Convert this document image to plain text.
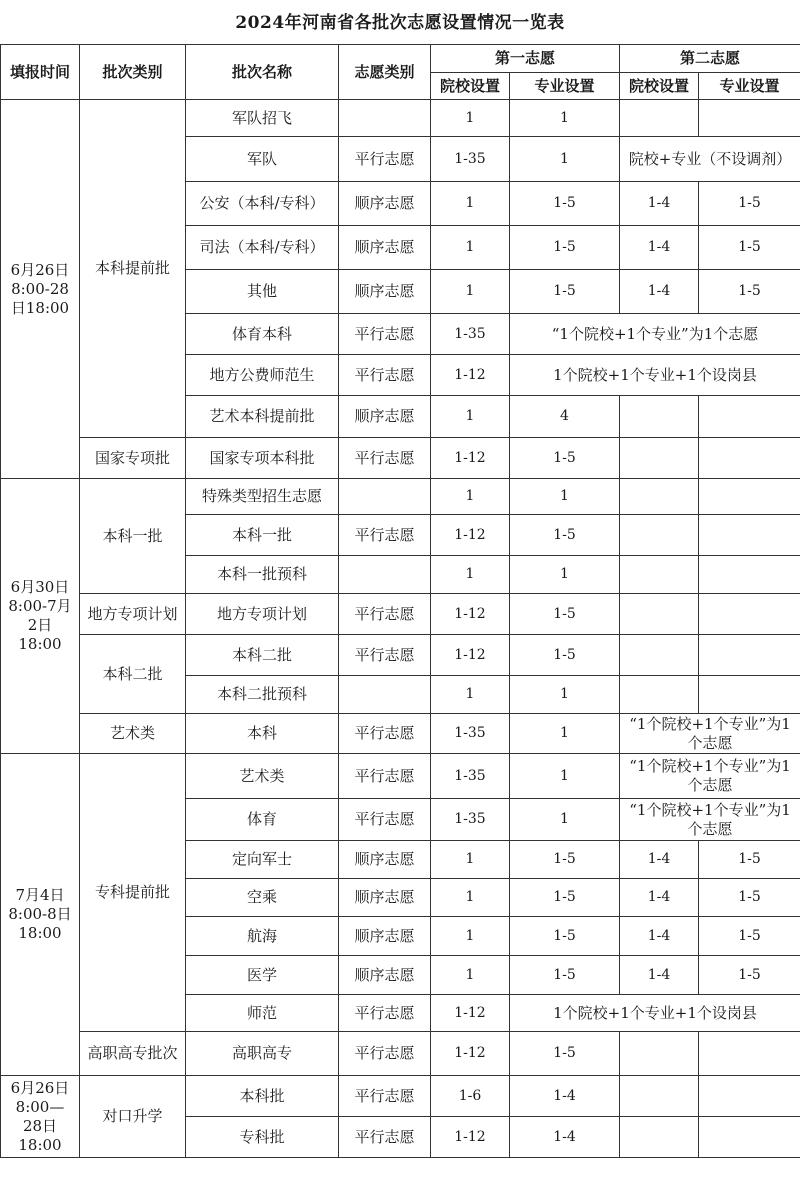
2024年河南省各批次志愿设置情况一览表
填报时间	批次类别	批次名称	志愿类别	第一志愿		第二志愿	
				院校设置	专业设置	院校设置	专业设置
6月26日8:00-28日18:00	本科提前批	军队招飞		1	1		
		军队	平行志愿	1-35	1	院校+专业（不设调剂）	
		公安（本科/专科）	顺序志愿	1	1-5	1-4	1-5
		司法（本科/专科）	顺序志愿	1	1-5	1-4	1-5
		其他	顺序志愿	1	1-5	1-4	1-5
		体育本科	平行志愿	1-35	“1个院校+1个专业”为1个志愿		
		地方公费师范生	平行志愿	1-12	1个院校+1个专业+1个设岗县		
		艺术本科提前批	顺序志愿	1	4		
	国家专项批	国家专项本科批	平行志愿	1-12	1-5		
6月30日8:00-7月2日18:00	本科一批	特殊类型招生志愿		1	1		
		本科一批	平行志愿	1-12	1-5		
		本科一批预科		1	1		
	地方专项计划	地方专项计划	平行志愿	1-12	1-5		
	本科二批	本科二批	平行志愿	1-12	1-5		
		本科二批预科		1	1		
	艺术类	本科	平行志愿	1-35	1	“1个院校+1个专业”为1个志愿	
7月4日8:00-8日18:00	专科提前批	艺术类	平行志愿	1-35	1	“1个院校+1个专业”为1个志愿	
		体育	平行志愿	1-35	1	“1个院校+1个专业”为1个志愿	
		定向军士	顺序志愿	1	1-5	1-4	1-5
		空乘	顺序志愿	1	1-5	1-4	1-5
		航海	顺序志愿	1	1-5	1-4	1-5
		医学	顺序志愿	1	1-5	1-4	1-5
		师范	平行志愿	1-12	1个院校+1个专业+1个设岗县		
	高职高专批次	高职高专	平行志愿	1-12	1-5		
6月26日8:00—28日18:00	对口升学	本科批	平行志愿	1-6	1-4		
		专科批	平行志愿	1-12	1-4		
